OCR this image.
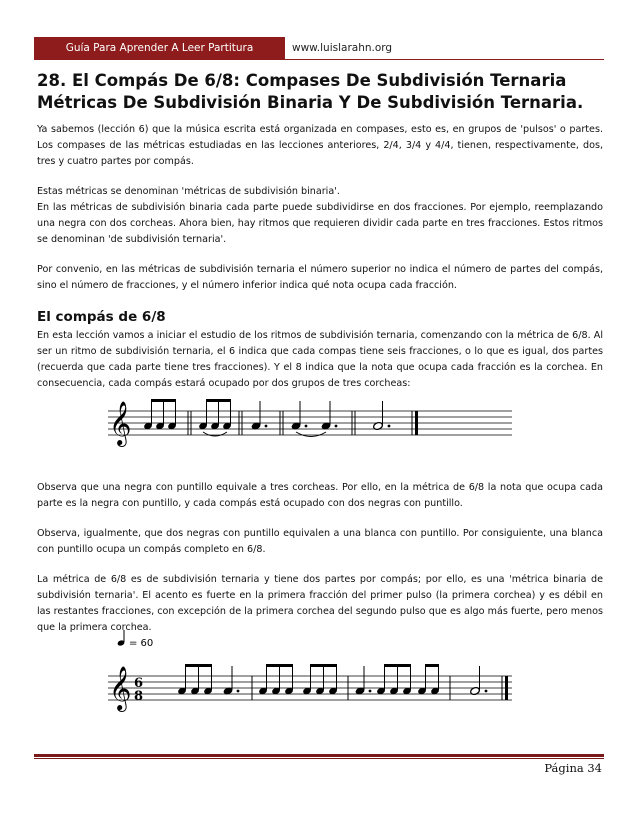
Guía Para Aprender A Leer Partitura	www.luislarahn.org
28. El Compás De 6/8: Compases De Subdivisión Ternaria
Métricas De Subdivisión Binaria Y De Subdivisión Ternaria.

Ya sabemos (lección 6) que la música escrita está organizada en compases, esto es, en grupos de 'pulsos' o partes. Los compases de las métricas estudiadas en las lecciones anteriores, 2/4, 3/4 y 4/4, tienen, respectivamente, dos, tres y cuatro partes por compás.

Estas métricas se denominan 'métricas de subdivisión binaria'.

En las métricas de subdivisión binaria cada parte puede subdividirse en dos fracciones. Por ejemplo, reemplazando una negra con dos corcheas. Ahora bien, hay ritmos que requieren dividir cada parte en tres fracciones. Estos ritmos se denominan 'de subdivisión ternaria'.

Por convenio, en las métricas de subdivisión ternaria el número superior no indica el número de partes del compás, sino el número de fracciones, y el número inferior indica qué nota ocupa cada fracción.

El compás de 6/8

En esta lección vamos a iniciar el estudio de los ritmos de subdivisión ternaria, comenzando con la métrica de 6/8. Al ser un ritmo de subdivisión ternaria, el 6 indica que cada compas tiene seis fracciones, o lo que es igual, dos partes (recuerda que cada parte tiene tres fracciones). Y el 8 indica que la nota que ocupa cada fracción es la corchea. En consecuencia, cada compás estará ocupado por dos grupos de tres corcheas:

𝄞

Observa que una negra con puntillo equivale a tres corcheas. Por ello, en la métrica de 6/8 la nota que ocupa cada parte es la negra con puntillo, y cada compás está ocupado con dos negras con puntillo.

Observa, igualmente, que dos negras con puntillo equivalen a una blanca con puntillo. Por consiguiente, una blanca con puntillo ocupa un compás completo en 6/8.

La métrica de 6/8 es de subdivisión ternaria y tiene dos partes por compás; por ello, es una 'métrica binaria de subdivisión ternaria'. El acento es fuerte en la primera fracción del primer pulso (la primera corchea) y es débil en las restantes fracciones, con excepción de la primera corchea del segundo pulso que es algo más fuerte, pero menos que la primera corchea.

= 60
𝄞 6
8
Página 34
